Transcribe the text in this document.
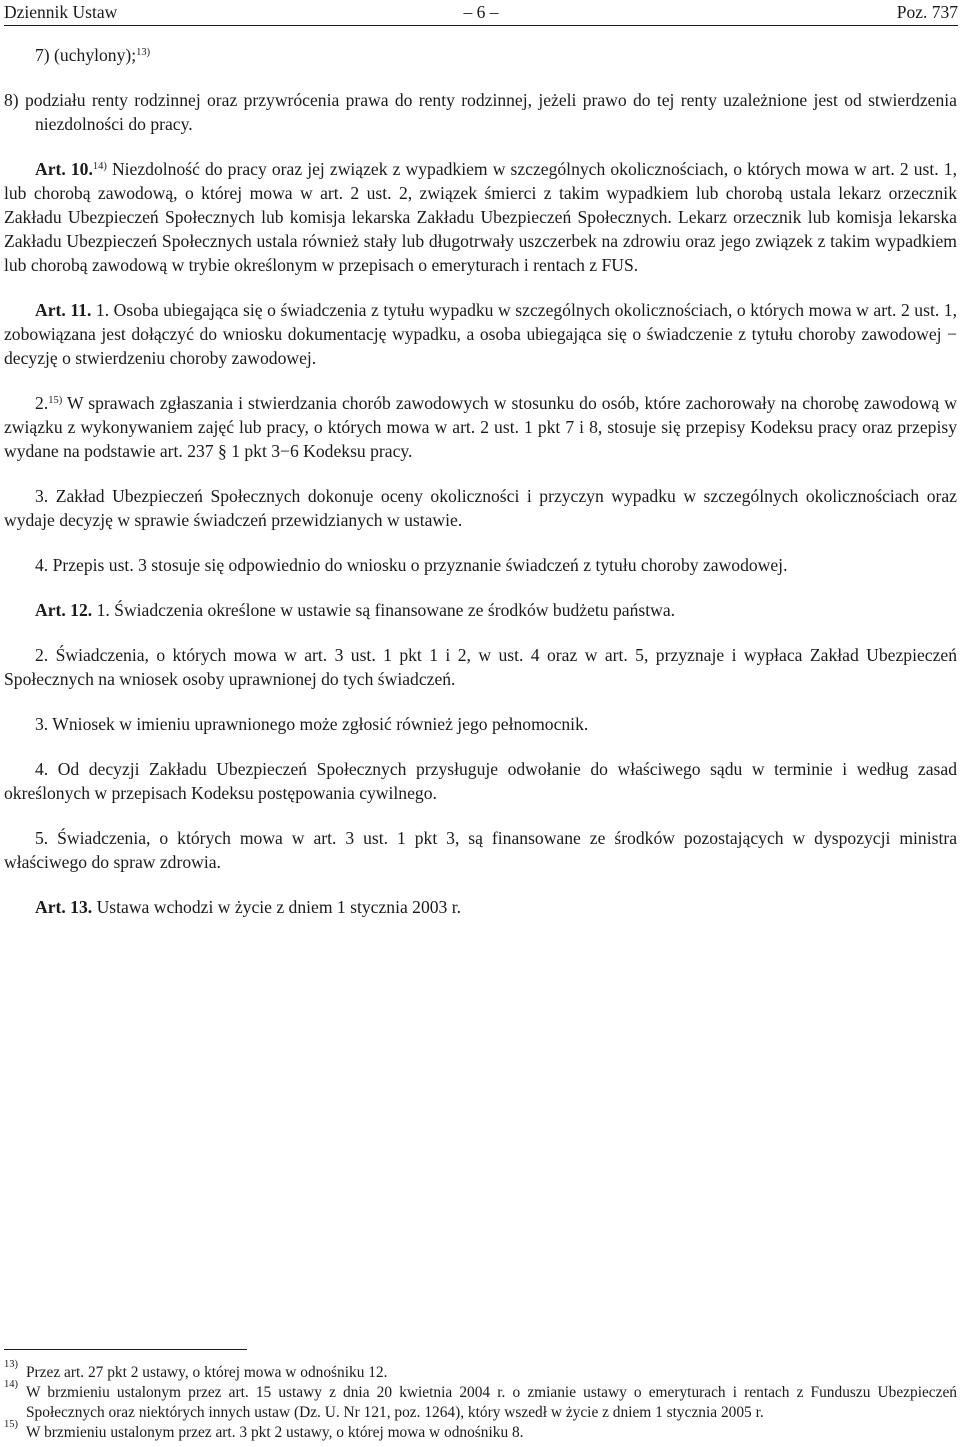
Dziennik Ustaw	– 6 –	Poz. 737

7) (uchylony);$^{13)}$

8) podziału renty rodzinnej oraz przywrócenia prawa do renty rodzinnej, jeżeli prawo do tej renty uzależnione jest od stwierdzenia niezdolności do pracy.

Art. 10.$^{14)}$ Niezdolność do pracy oraz jej związek z wypadkiem w szczególnych okolicznościach, o których mowa w art. 2 ust. 1, lub chorobą zawodową, o której mowa w art. 2 ust. 2, związek śmierci z takim wypadkiem lub chorobą ustala lekarz orzecznik Zakładu Ubezpieczeń Społecznych lub komisja lekarska Zakładu Ubezpieczeń Społecznych. Lekarz orzecznik lub komisja lekarska Zakładu Ubezpieczeń Społecznych ustala również stały lub długotrwały uszczerbek na zdrowiu oraz jego związek z takim wypadkiem lub chorobą zawodową w trybie określonym w przepisach o emeryturach i rentach z FUS.

Art. 11. 1. Osoba ubiegająca się o świadczenia z tytułu wypadku w szczególnych okolicznościach, o których mowa w art. 2 ust. 1, zobowiązana jest dołączyć do wniosku dokumentację wypadku, a osoba ubiegająca się o świadczenie z tytułu choroby zawodowej − decyzję o stwierdzeniu choroby zawodowej.

2.$^{15)}$ W sprawach zgłaszania i stwierdzania chorób zawodowych w stosunku do osób, które zachorowały na chorobę zawodową w związku z wykonywaniem zajęć lub pracy, o których mowa w art. 2 ust. 1 pkt 7 i 8, stosuje się przepisy Kodeksu pracy oraz przepisy wydane na podstawie art. 237 § 1 pkt 3−6 Kodeksu pracy.

3. Zakład Ubezpieczeń Społecznych dokonuje oceny okoliczności i przyczyn wypadku w szczególnych okolicznościach oraz wydaje decyzję w sprawie świadczeń przewidzianych w ustawie.

4. Przepis ust. 3 stosuje się odpowiednio do wniosku o przyznanie świadczeń z tytułu choroby zawodowej.

Art. 12. 1. Świadczenia określone w ustawie są finansowane ze środków budżetu państwa.

2. Świadczenia, o których mowa w art. 3 ust. 1 pkt 1 i 2, w ust. 4 oraz w art. 5, przyznaje i wypłaca Zakład Ubezpieczeń Społecznych na wniosek osoby uprawnionej do tych świadczeń.

3. Wniosek w imieniu uprawnionego może zgłosić również jego pełnomocnik.

4. Od decyzji Zakładu Ubezpieczeń Społecznych przysługuje odwołanie do właściwego sądu w terminie i według zasad określonych w przepisach Kodeksu postępowania cywilnego.

5. Świadczenia, o których mowa w art. 3 ust. 1 pkt 3, są finansowane ze środków pozostających w dyspozycji ministra właściwego do spraw zdrowia.

Art. 13. Ustawa wchodzi w życie z dniem 1 stycznia 2003 r.

13) Przez art. 27 pkt 2 ustawy, o której mowa w odnośniku 12.
14) W brzmieniu ustalonym przez art. 15 ustawy z dnia 20 kwietnia 2004 r. o zmianie ustawy o emeryturach i rentach z Funduszu Ubezpieczeń Społecznych oraz niektórych innych ustaw (Dz. U. Nr 121, poz. 1264), który wszedł w życie z dniem 1 stycznia 2005 r.
15) W brzmieniu ustalonym przez art. 3 pkt 2 ustawy, o której mowa w odnośniku 8.
